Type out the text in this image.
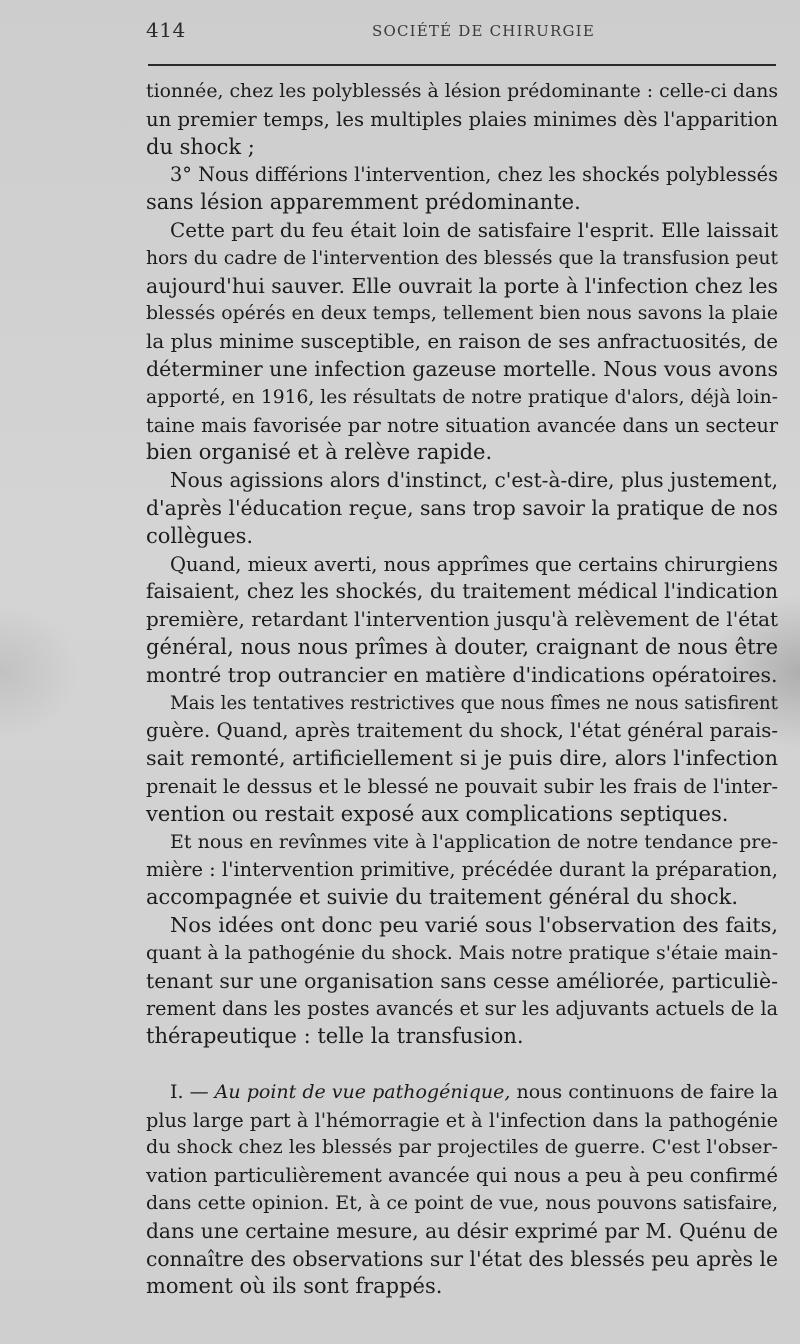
414	SOCIÉTÉ DE CHIRURGIE
tionnée, chez les polyblessés à lésion prédominante : celle-ci dans
un premier temps, les multiples plaies minimes dès l'apparition
du shock ;
3° Nous différions l'intervention, chez les shockés polyblessés
sans lésion apparemment prédominante.
Cette part du feu était loin de satisfaire l'esprit. Elle laissait
hors du cadre de l'intervention des blessés que la transfusion peut
aujourd'hui sauver. Elle ouvrait la porte à l'infection chez les
blessés opérés en deux temps, tellement bien nous savons la plaie
la plus minime susceptible, en raison de ses anfractuosités, de
déterminer une infection gazeuse mortelle. Nous vous avons
apporté, en 1916, les résultats de notre pratique d'alors, déjà loin-
taine mais favorisée par notre situation avancée dans un secteur
bien organisé et à relève rapide.
Nous agissions alors d'instinct, c'est-à-dire, plus justement,
d'après l'éducation reçue, sans trop savoir la pratique de nos
collègues.
Quand, mieux averti, nous apprîmes que certains chirurgiens
faisaient, chez les shockés, du traitement médical l'indication
première, retardant l'intervention jusqu'à relèvement de l'état
général, nous nous prîmes à douter, craignant de nous être
montré trop outrancier en matière d'indications opératoires.
Mais les tentatives restrictives que nous fîmes ne nous satisfirent
guère. Quand, après traitement du shock, l'état général parais-
sait remonté, artificiellement si je puis dire, alors l'infection
prenait le dessus et le blessé ne pouvait subir les frais de l'inter-
vention ou restait exposé aux complications septiques.
Et nous en revînmes vite à l'application de notre tendance pre-
mière : l'intervention primitive, précédée durant la préparation,
accompagnée et suivie du traitement général du shock.
Nos idées ont donc peu varié sous l'observation des faits,
quant à la pathogénie du shock. Mais notre pratique s'étaie main-
tenant sur une organisation sans cesse améliorée, particuliè-
rement dans les postes avancés et sur les adjuvants actuels de la
thérapeutique : telle la transfusion.
I. — Au point de vue pathogénique, nous continuons de faire la
plus large part à l'hémorragie et à l'infection dans la pathogénie
du shock chez les blessés par projectiles de guerre. C'est l'obser-
vation particulièrement avancée qui nous a peu à peu confirmé
dans cette opinion. Et, à ce point de vue, nous pouvons satisfaire,
dans une certaine mesure, au désir exprimé par M. Quénu de
connaître des observations sur l'état des blessés peu après le
moment où ils sont frappés.
